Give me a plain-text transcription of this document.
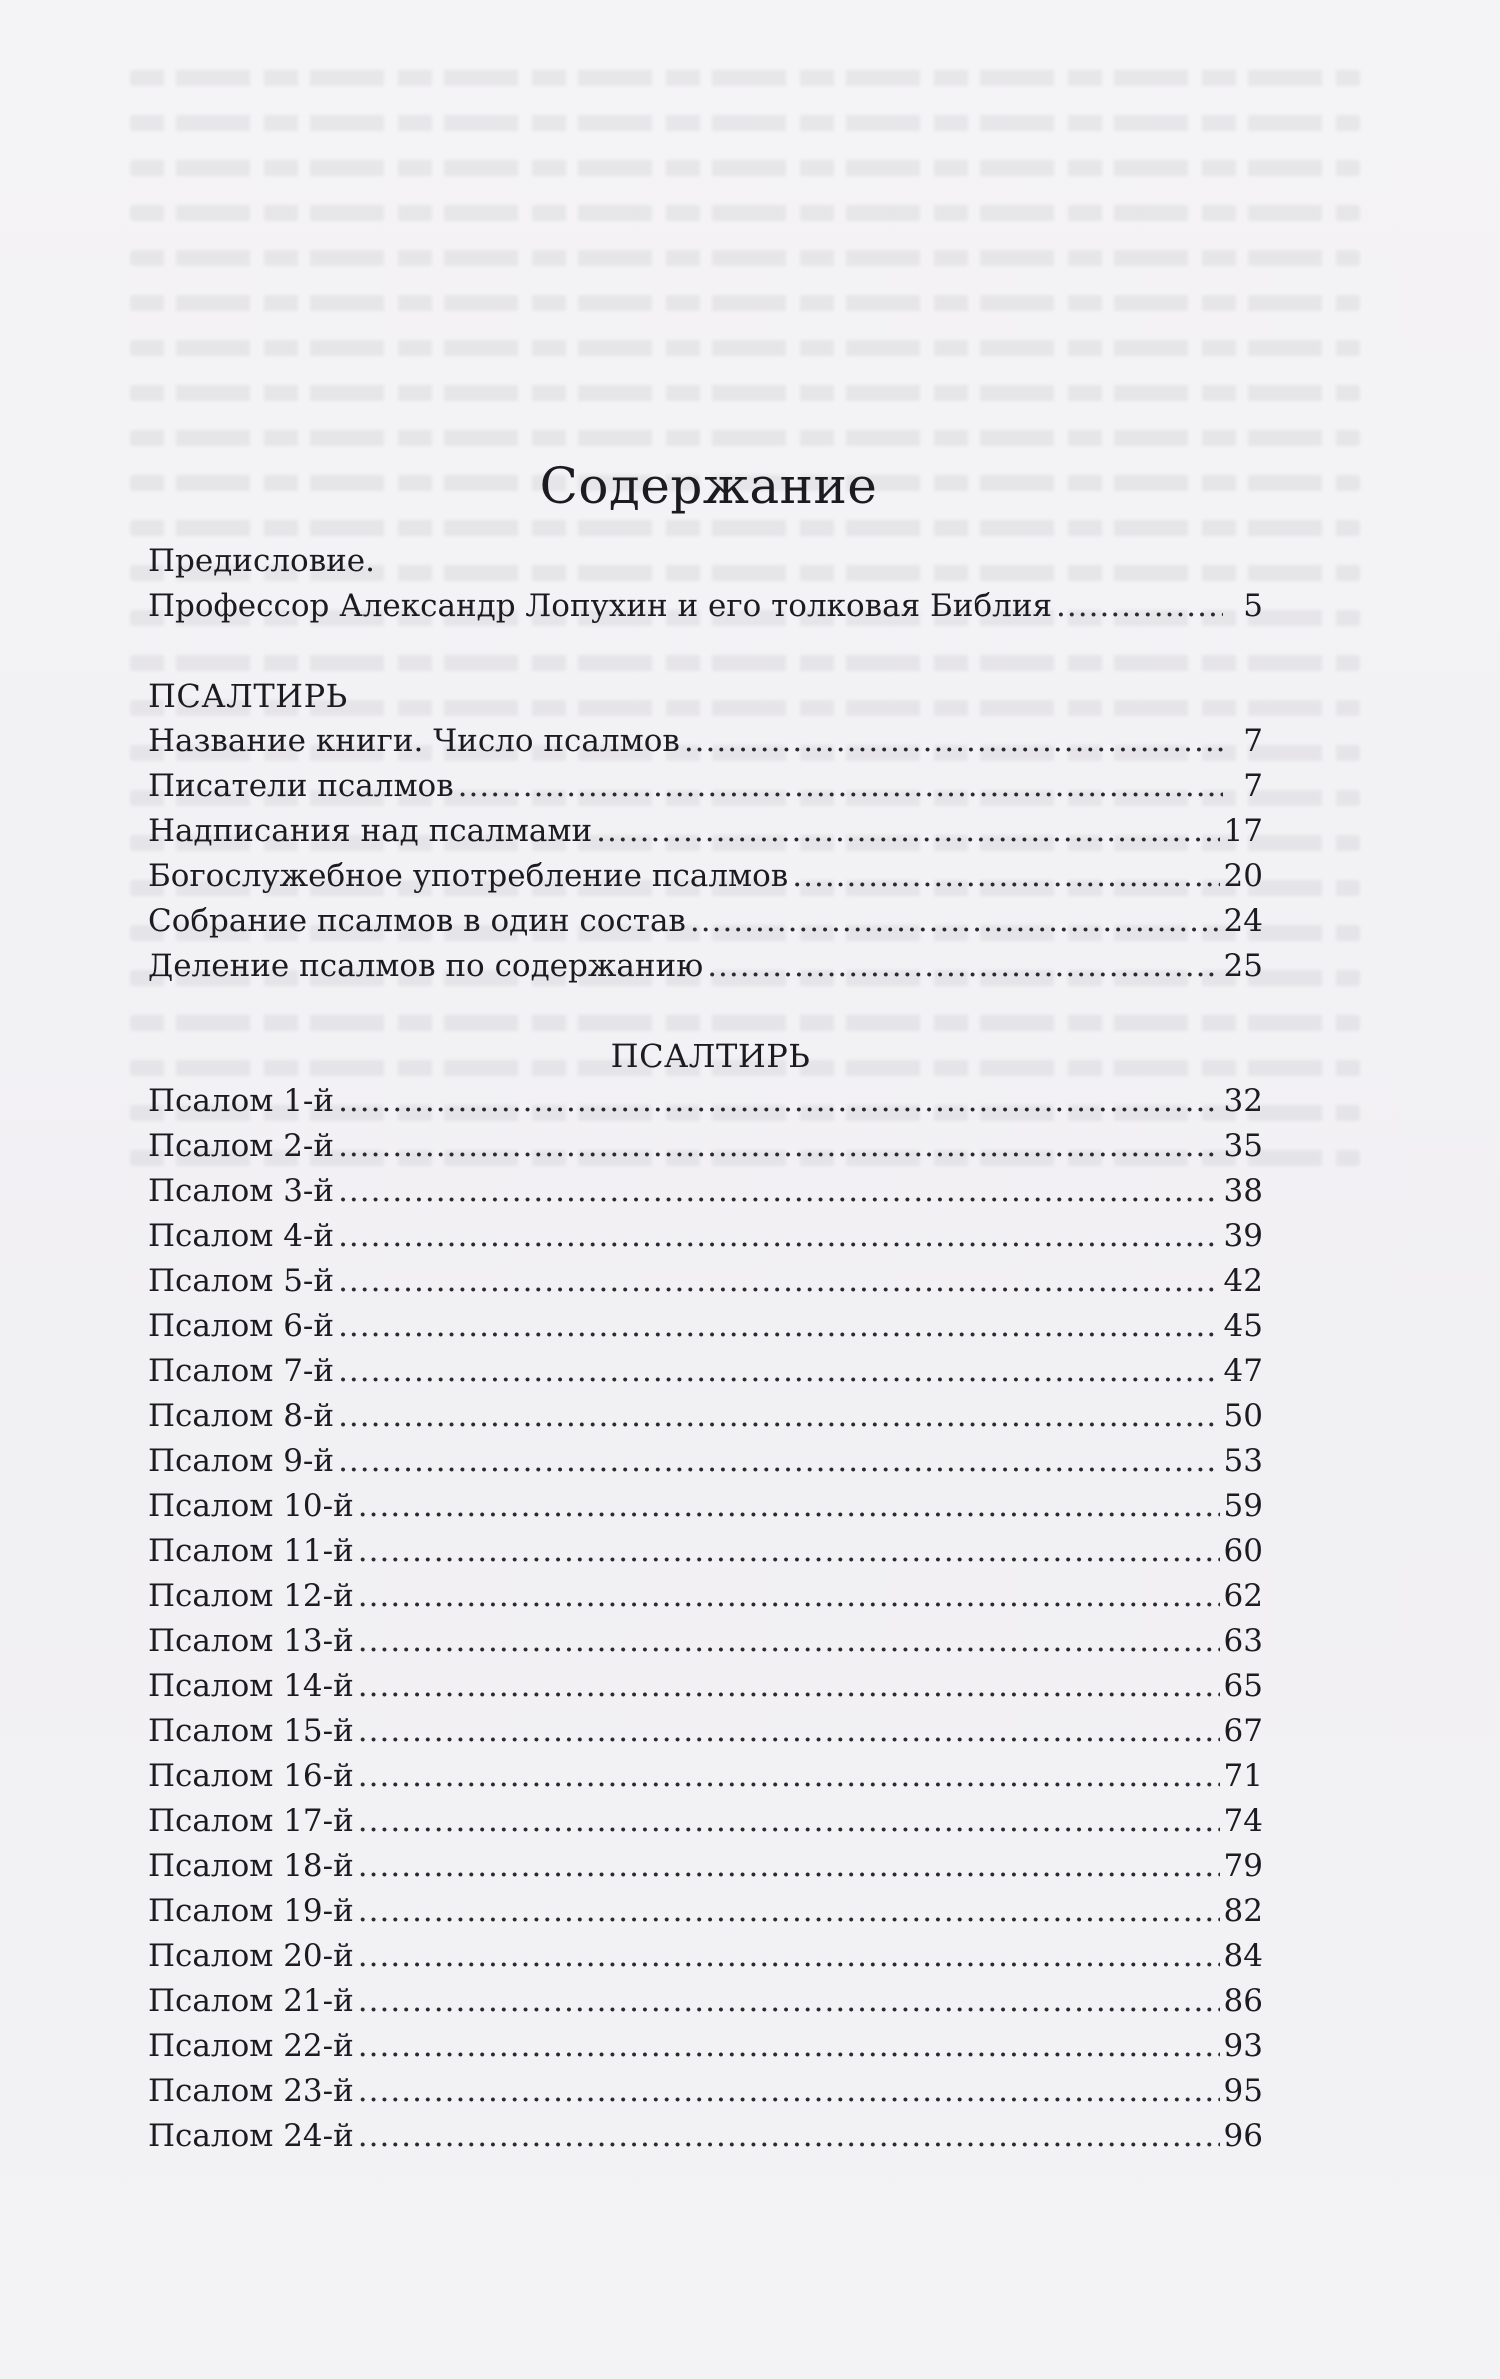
Содержание
Предисловие.
Профессор Александр Лопухин и его толковая Библия .....	5
ПСАЛТИРЬ
Название книги. Число псалмов .....	7
Писатели псалмов .....	7
Надписания над псалмами .....	17
Богослужебное употребление псалмов .....	20
Собрание псалмов в один состав .....	24
Деление псалмов по содержанию .....	25
ПСАЛТИРЬ
Псалом 1-й .....	32
Псалом 2-й .....	35
Псалом 3-й .....	38
Псалом 4-й .....	39
Псалом 5-й .....	42
Псалом 6-й .....	45
Псалом 7-й .....	47
Псалом 8-й .....	50
Псалом 9-й .....	53
Псалом 10-й .....	59
Псалом 11-й .....	60
Псалом 12-й .....	62
Псалом 13-й .....	63
Псалом 14-й .....	65
Псалом 15-й .....	67
Псалом 16-й .....	71
Псалом 17-й .....	74
Псалом 18-й .....	79
Псалом 19-й .....	82
Псалом 20-й .....	84
Псалом 21-й .....	86
Псалом 22-й .....	93
Псалом 23-й .....	95
Псалом 24-й .....	96
